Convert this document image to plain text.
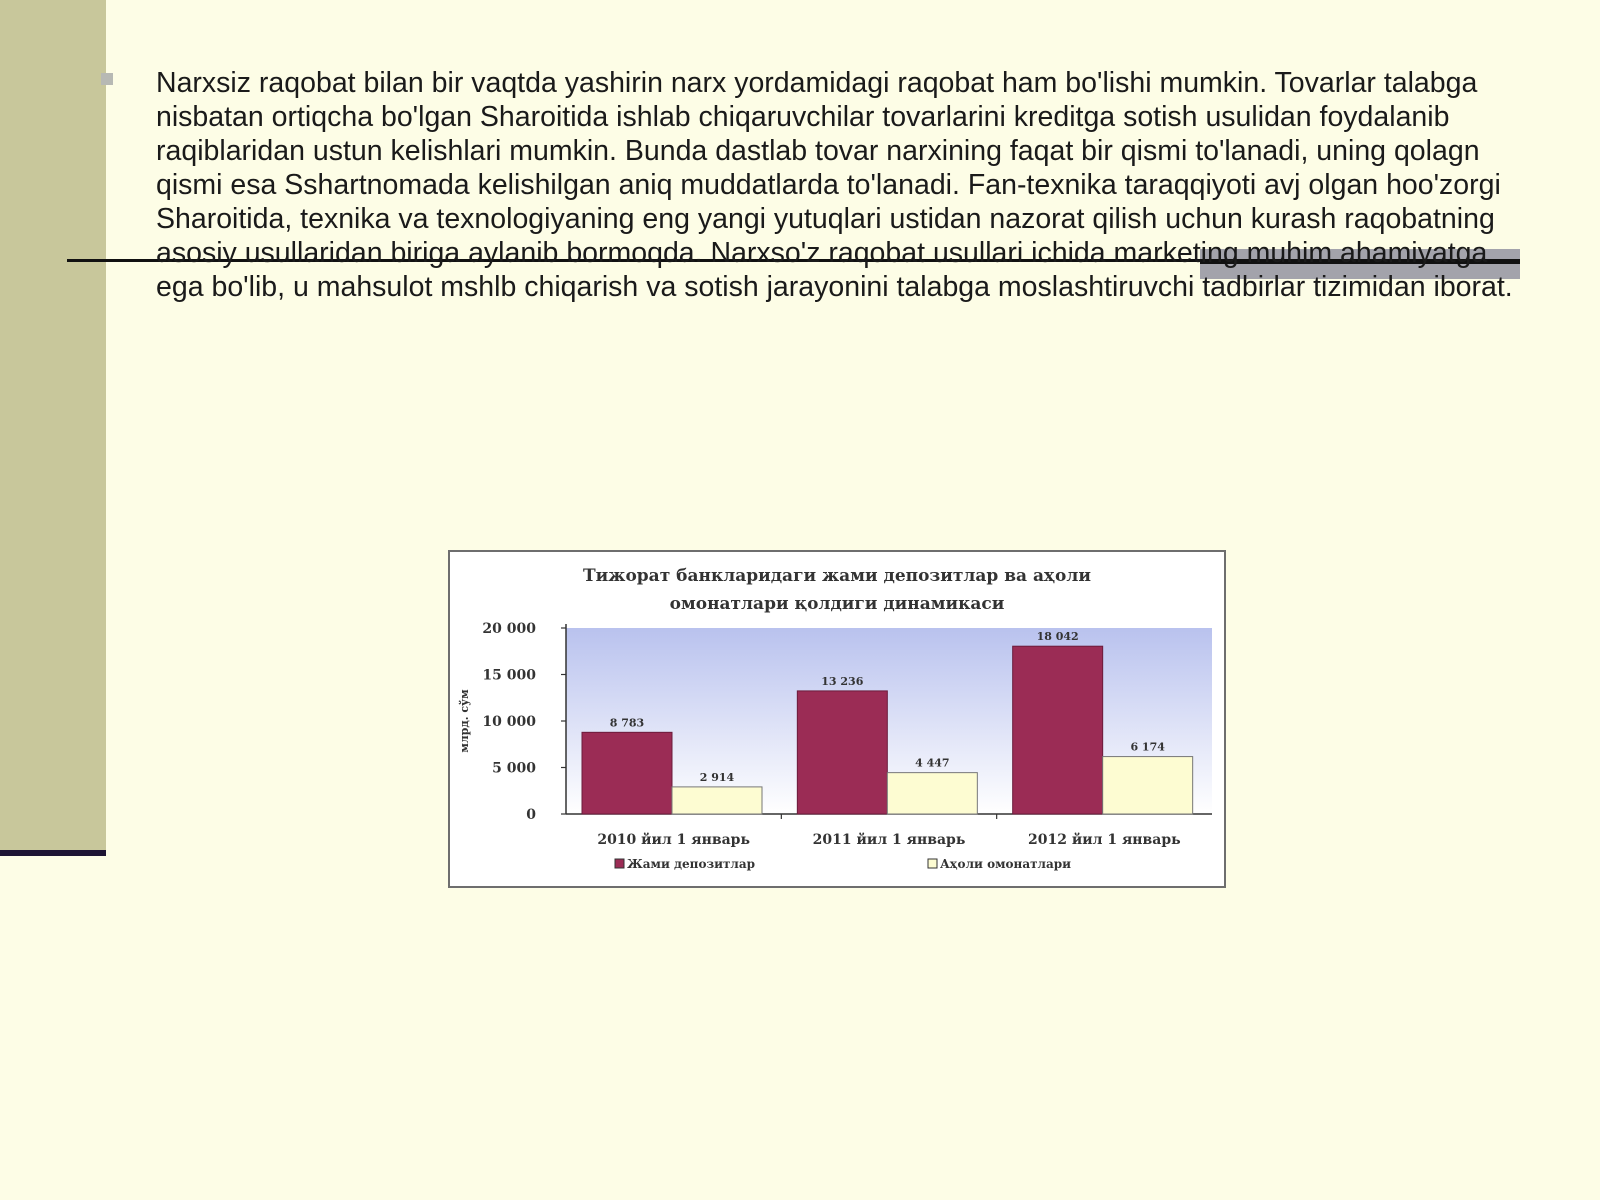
Narxsiz raqobat bilan bir vaqtda yashirin narx yordamidagi raqobat ham bo'lishi mumkin. Tovarlar talabga nisbatan ortiqcha bo'lgan Sharoitida ishlab chiqaruvchilar tovarlarini kreditga sotish usulidan foydalanib raqiblaridan ustun kelishlari mumkin. Bunda dastlab tovar narxining faqat bir qismi to'lanadi, uning qolagn qismi esa Sshartnomada kelishilgan aniq muddatlarda to'lanadi. Fan-texnika taraqqiyoti avj olgan hoo'zorgi Sharoitida, texnika va texnologiyaning eng yangi yutuqlari ustidan nazorat qilish uchun kurash raqobatning asosiy usullaridan biriga aylanib bormoqda. Narxso'z raqobat usullari ichida marketing muhim ahamiyatga ega bo'lib, u mahsulot mshlb chiqarish va sotish jarayonini talabga moslashtiruvchi tadbirlar tizimidan iborat.

Тижорат банкларидаги жами депозитлар ва аҳоли
омонатлари қолдиги динамикаси
0
5 000
10 000
15 000
20 000
млрд. сўм	8 783
2 914
2010 йил 1 январь
13 236
4 447
2011 йил 1 январь
18 042
6 174
2012 йил 1 январь
Жами депозитлар	Аҳоли омонатлари
